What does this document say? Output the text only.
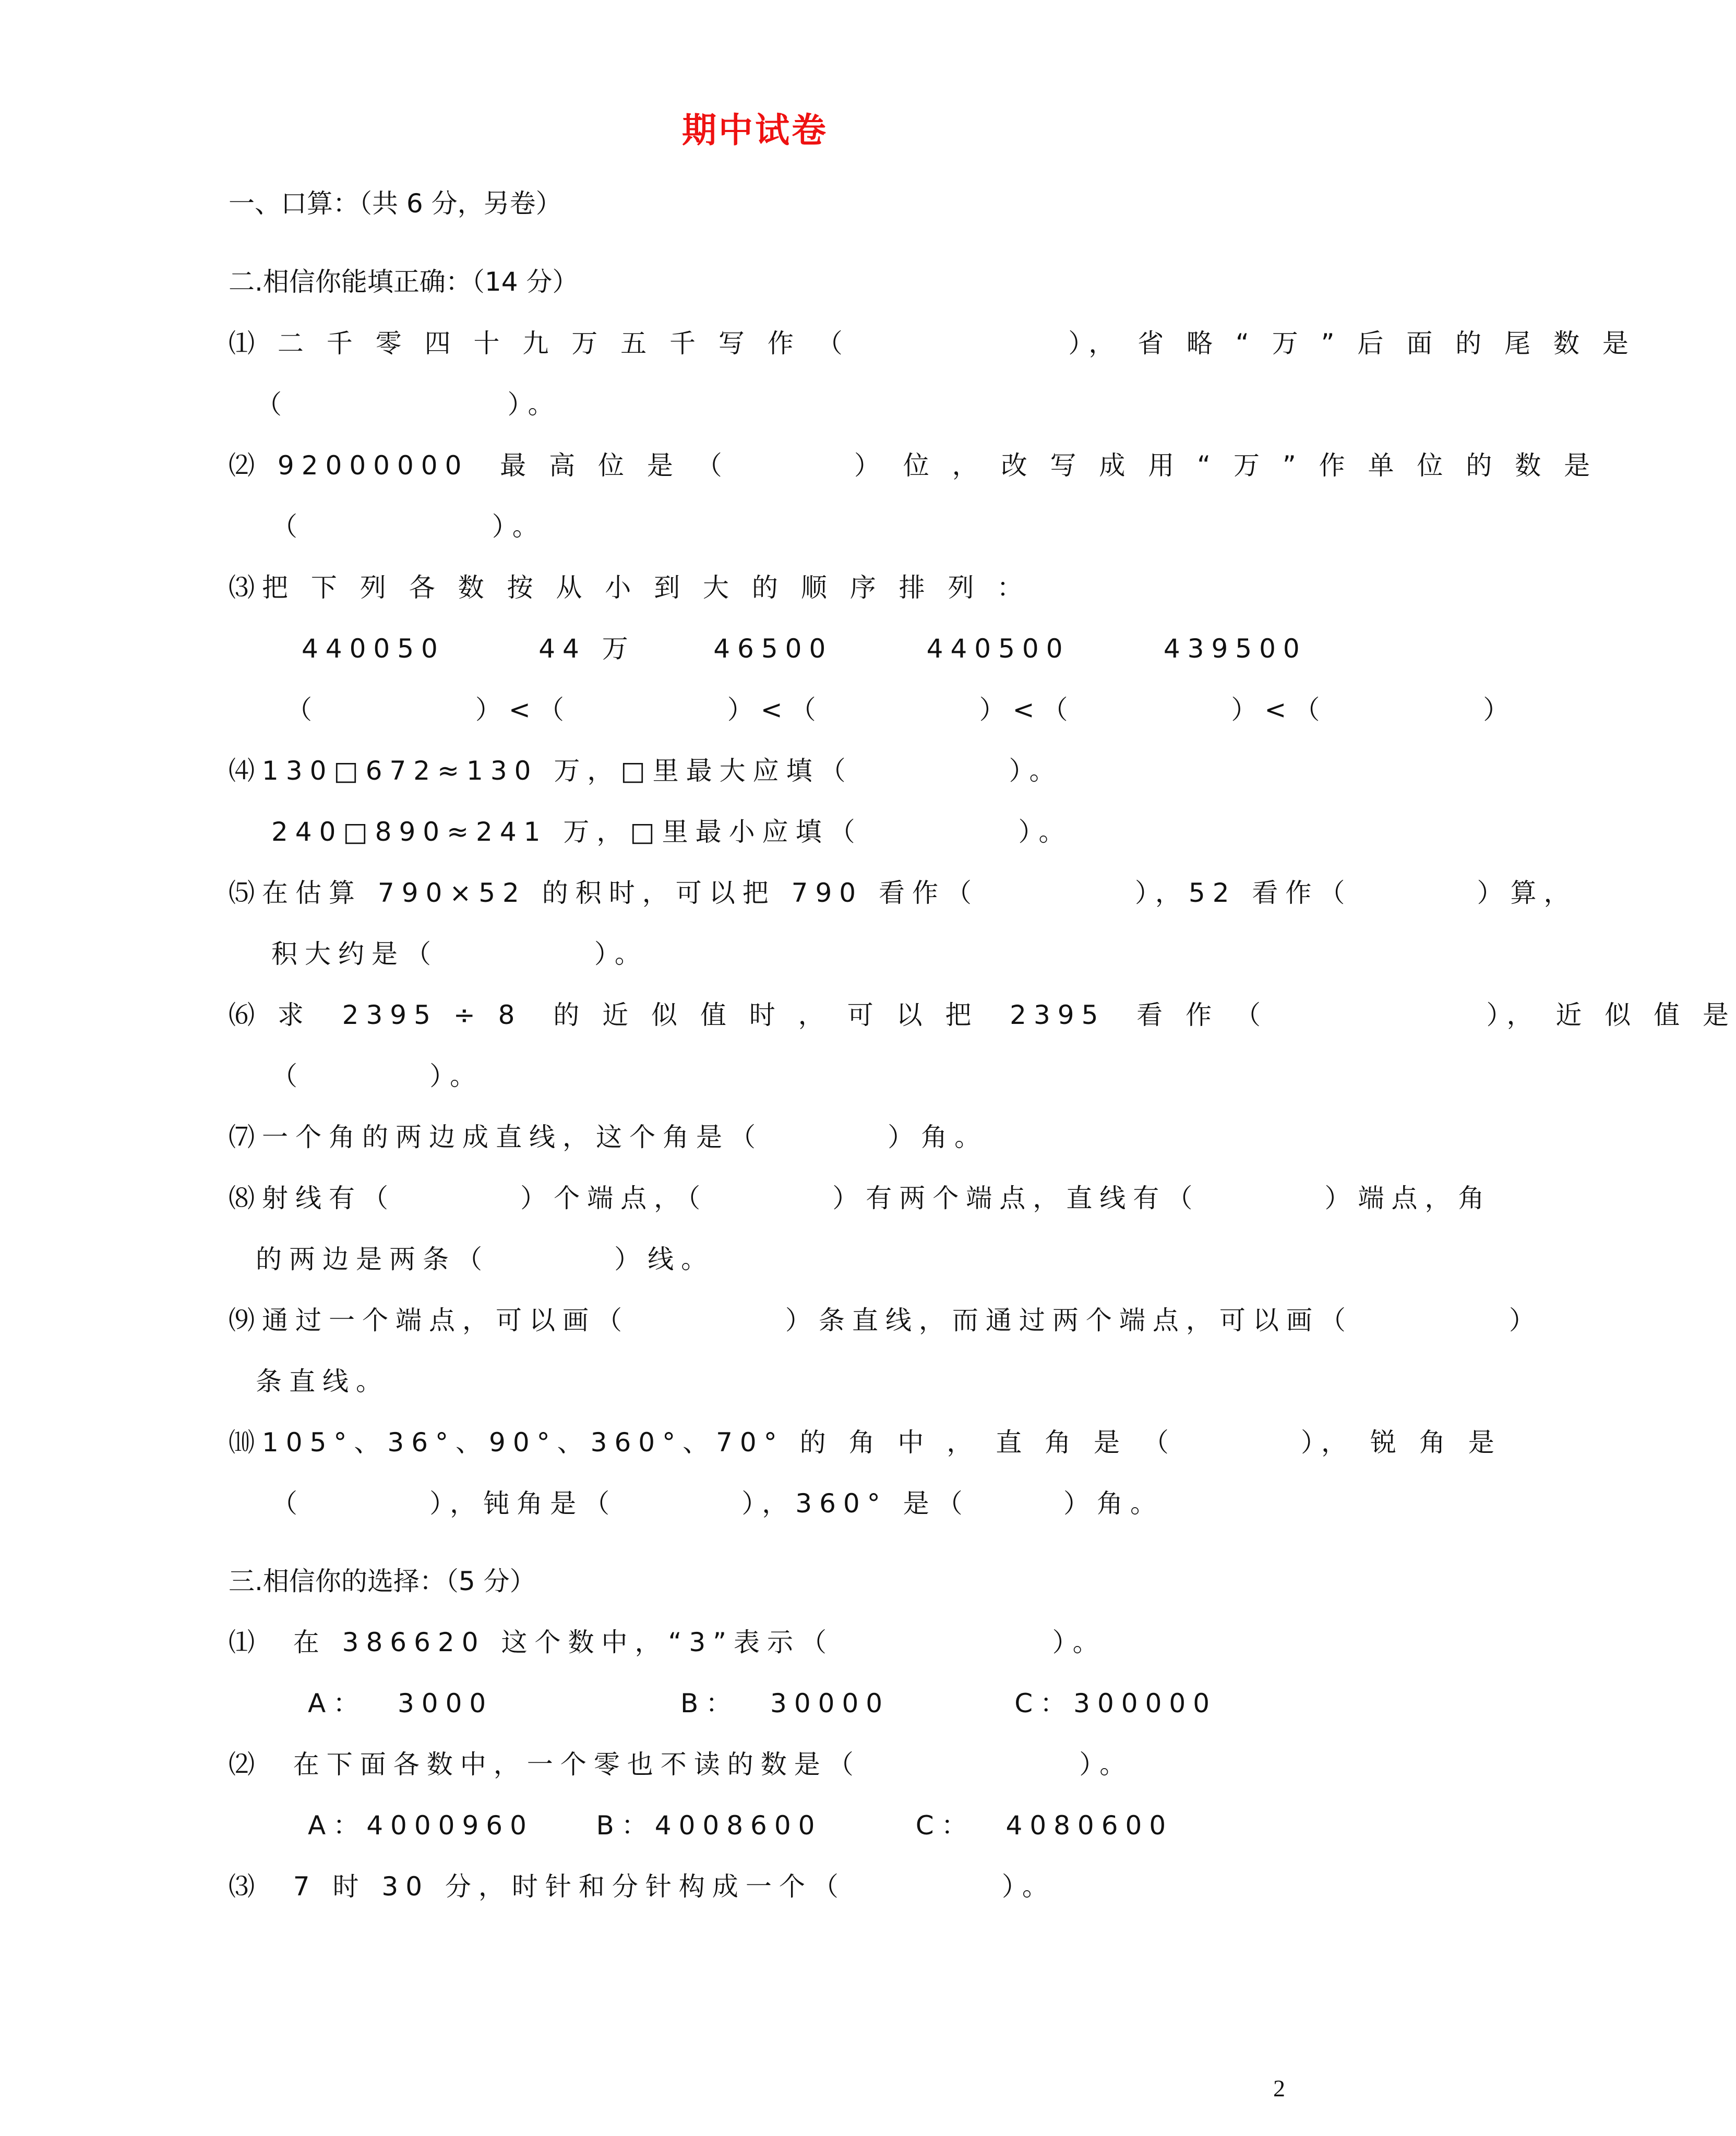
期中试卷
一、口算：（共 6 分，另卷）
二.相信你能填正确：（14 分）
⑴ 二 千 零 四 十 九 万 五 千 写 作 （              ）， 省 略 “ 万 ” 后 面 的 尾 数 是
（              ）。
⑵ 92000000  最 高 位 是 （        ） 位 ， 改 写 成 用 “ 万 ” 作 单 位 的 数 是
（            ）。
⑶把 下 列 各 数 按 从 小 到 大 的 顺 序 排 列 ：
440050      44 万     46500      440500      439500
（          ）<（          ）<（          ）<（          ）<（          ）
⑷130□672≈130 万，□里最大应填（          ）。
240□890≈241 万，□里最小应填（          ）。
⑸在估算 790×52 的积时，可以把 790 看作（          ），52 看作（        ）算，
积大约是（          ）。
⑹ 求  2395 ÷ 8  的 近 似 值 时 ， 可 以 把  2395  看 作 （              ）， 近 似 值 是
（        ）。
⑺一个角的两边成直线，这个角是（        ）角。
⑻射线有（        ）个端点，（        ）有两个端点，直线有（        ）端点，角
的两边是两条（        ）线。
⑼通过一个端点，可以画（          ）条直线，而通过两个端点，可以画（          ）
条直线。
⑽105°、36°、90°、360°、70° 的 角 中 ， 直 角 是 （        ）， 锐 角 是
（        ），钝角是（        ），360° 是（      ）角。
三.相信你的选择：（5 分）
⑴  在 386620 这个数中，“3”表示（              ）。
A：  3000            B：  30000        C：300000
⑵  在下面各数中，一个零也不读的数是（              ）。
A：4000960    B：4008600      C：  4080600
⑶  7 时 30 分，时针和分针构成一个（          ）。
2
